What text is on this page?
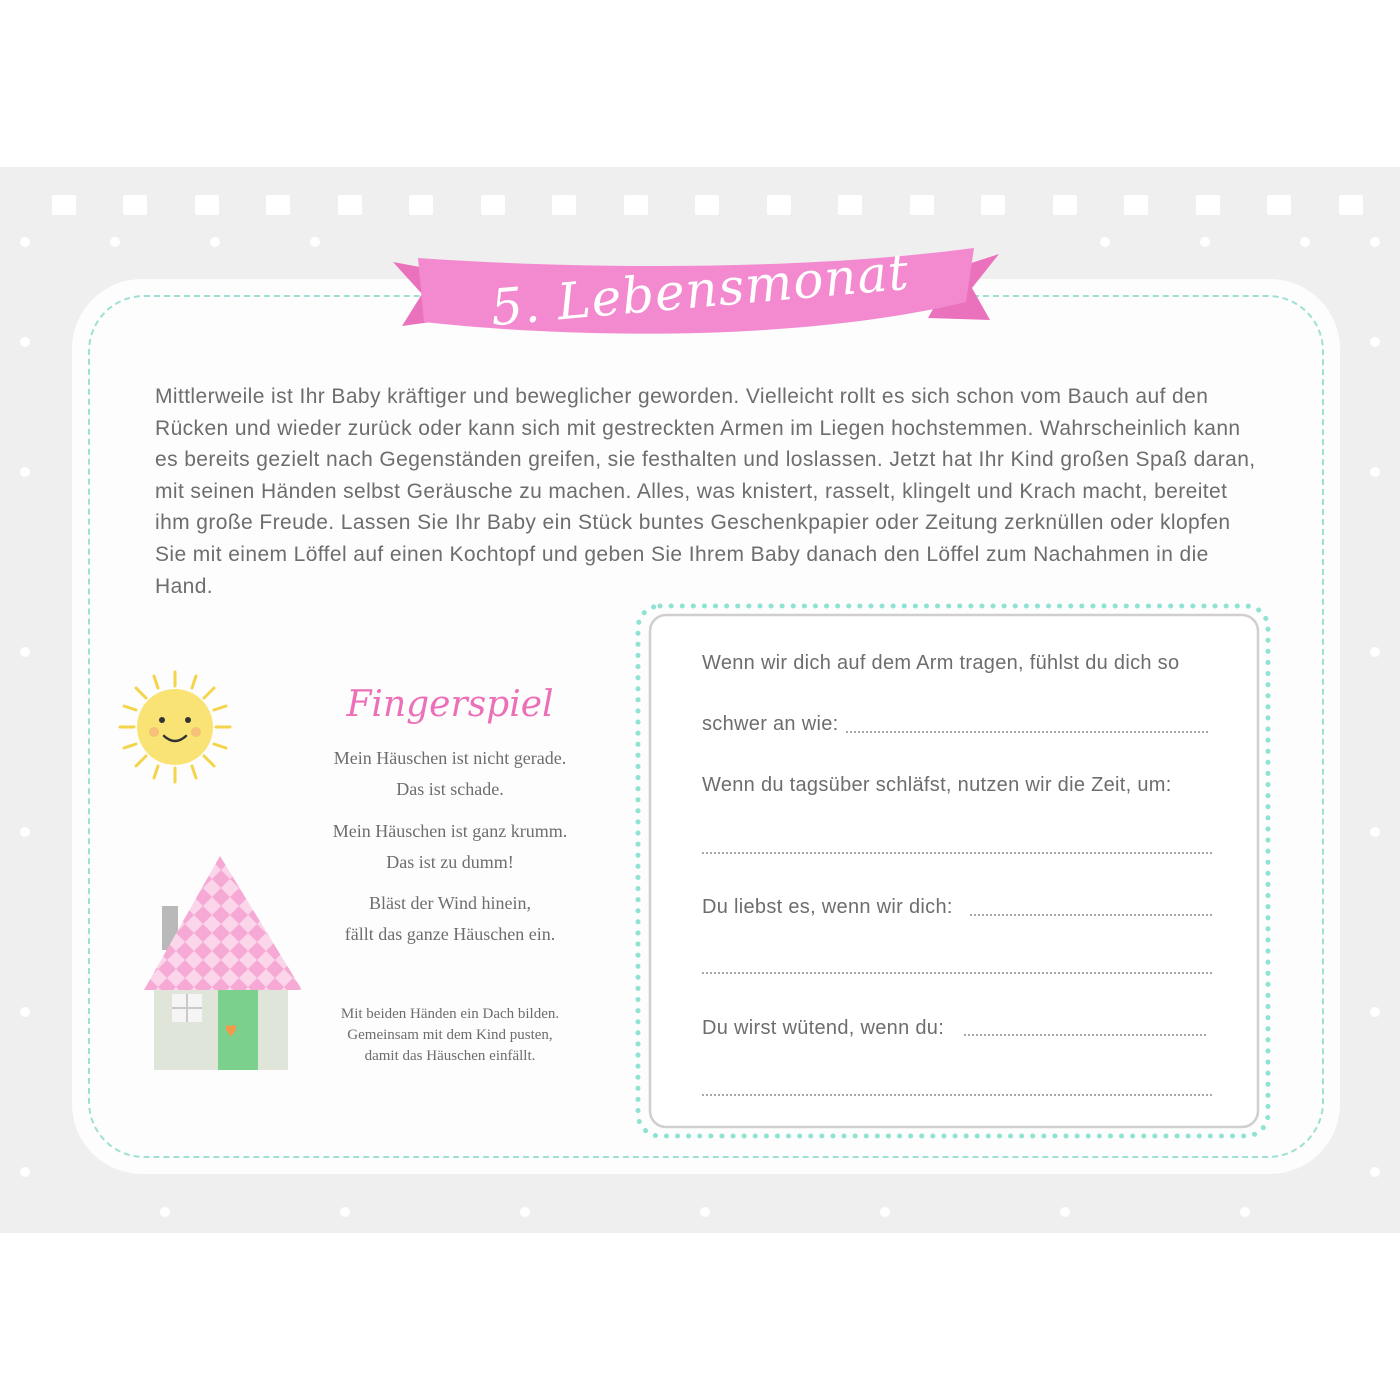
5. Lebensmonat

Mittlerweile ist Ihr Baby kräftiger und beweglicher geworden. Vielleicht rollt es sich schon vom Bauch auf den Rücken und wieder zurück oder kann sich mit gestreckten Armen im Liegen hochstemmen. Wahrscheinlich kann es bereits gezielt nach Gegenständen greifen, sie festhalten und loslassen. Jetzt hat Ihr Kind großen Spaß daran, mit seinen Händen selbst Geräusche zu machen. Alles, was knistert, rasselt, klingelt und Krach macht, bereitet ihm große Freude. Lassen Sie Ihr Baby ein Stück buntes Geschenkpapier oder Zeitung zerknüllen oder klopfen Sie mit einem Löffel auf einen Kochtopf und geben Sie Ihrem Baby danach den Löffel zum Nachahmen in die Hand.

Fingerspiel
Mein Häuschen ist nicht gerade.
Das ist schade.
Mein Häuschen ist ganz krumm.
Das ist zu dumm!
Bläst der Wind hinein,
fällt das ganze Häuschen ein.
Mit beiden Händen ein Dach bilden.
Gemeinsam mit dem Kind pusten,
damit das Häuschen einfällt.
Wenn wir dich auf dem Arm tragen, fühlst du dich so
schwer an wie:
Wenn du tagsüber schläfst, nutzen wir die Zeit, um:
Du liebst es, wenn wir dich:
Du wirst wütend, wenn du:
